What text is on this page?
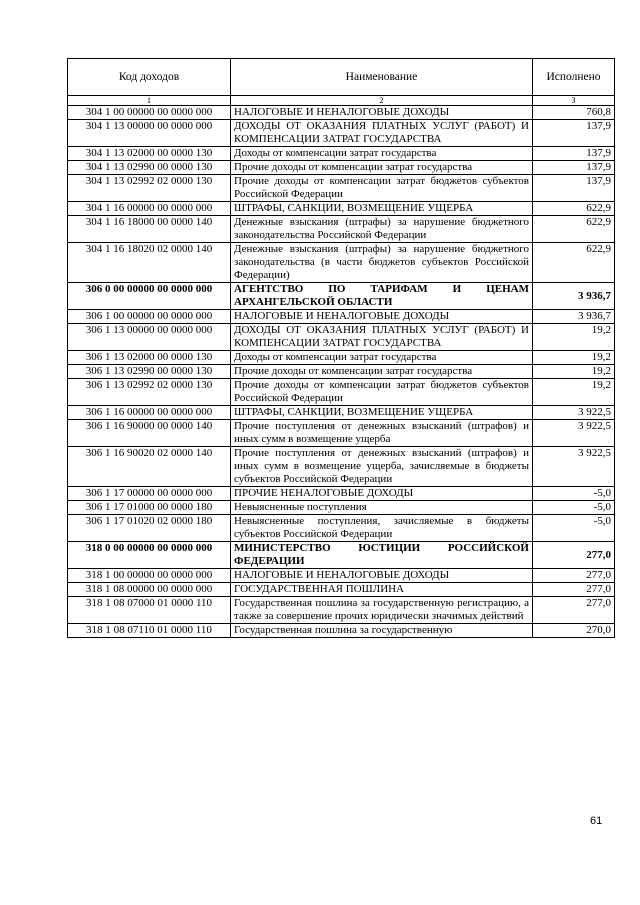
Код доходов	Наименование	Исполнено
1	2	3
304 1 00 00000 00 0000 000	НАЛОГОВЫЕ И НЕНАЛОГОВЫЕ ДОХОДЫ	760,8
304 1 13 00000 00 0000 000	ДОХОДЫ ОТ ОКАЗАНИЯ ПЛАТНЫХ УСЛУГ (РАБОТ) И КОМПЕНСАЦИИ ЗАТРАТ ГОСУДАРСТВА	137,9
304 1 13 02000 00 0000 130	Доходы от компенсации затрат государства	137,9
304 1 13 02990 00 0000 130	Прочие доходы от компенсации затрат государства	137,9
304 1 13 02992 02 0000 130	Прочие доходы от компенсации затрат бюджетов субъектов Российской Федерации	137,9
304 1 16 00000 00 0000 000	ШТРАФЫ, САНКЦИИ, ВОЗМЕЩЕНИЕ УЩЕРБА	622,9
304 1 16 18000 00 0000 140	Денежные взыскания (штрафы) за нарушение бюджетного законодательства Российской Федерации	622,9
304 1 16 18020 02 0000 140	Денежные взыскания (штрафы) за нарушение бюджетного законодательства (в части бюджетов субъектов Российской Федерации)	622,9
306 0 00 00000 00 0000 000	АГЕНТСТВО ПО ТАРИФАМ И ЦЕНАМ АРХАНГЕЛЬСКОЙ ОБЛАСТИ	3 936,7
306 1 00 00000 00 0000 000	НАЛОГОВЫЕ И НЕНАЛОГОВЫЕ ДОХОДЫ	3 936,7
306 1 13 00000 00 0000 000	ДОХОДЫ ОТ ОКАЗАНИЯ ПЛАТНЫХ УСЛУГ (РАБОТ) И КОМПЕНСАЦИИ ЗАТРАТ ГОСУДАРСТВА	19,2
306 1 13 02000 00 0000 130	Доходы от компенсации затрат государства	19,2
306 1 13 02990 00 0000 130	Прочие доходы от компенсации затрат государства	19,2
306 1 13 02992 02 0000 130	Прочие доходы от компенсации затрат бюджетов субъектов Российской Федерации	19,2
306 1 16 00000 00 0000 000	ШТРАФЫ, САНКЦИИ, ВОЗМЕЩЕНИЕ УЩЕРБА	3 922,5
306 1 16 90000 00 0000 140	Прочие поступления от денежных взысканий (штрафов) и иных сумм в возмещение ущерба	3 922,5
306 1 16 90020 02 0000 140	Прочие поступления от денежных взысканий (штрафов) и иных сумм в возмещение ущерба, зачисляемые в бюджеты субъектов Российской Федерации	3 922,5
306 1 17 00000 00 0000 000	ПРОЧИЕ НЕНАЛОГОВЫЕ ДОХОДЫ	-5,0
306 1 17 01000 00 0000 180	Невыясненные поступления	-5,0
306 1 17 01020 02 0000 180	Невыясненные поступления, зачисляемые в бюджеты субъектов Российской Федерации	-5,0
318 0 00 00000 00 0000 000	МИНИСТЕРСТВО ЮСТИЦИИ РОССИЙСКОЙ ФЕДЕРАЦИИ	277,0
318 1 00 00000 00 0000 000	НАЛОГОВЫЕ И НЕНАЛОГОВЫЕ ДОХОДЫ	277,0
318 1 08 00000 00 0000 000	ГОСУДАРСТВЕННАЯ ПОШЛИНА	277,0
318 1 08 07000 01 0000 110	Государственная пошлина за государственную регистрацию, а также за совершение прочих юридически значимых действий	277,0
318 1 08 07110 01 0000 110	Государственная пошлина за государственную	270,0
61
